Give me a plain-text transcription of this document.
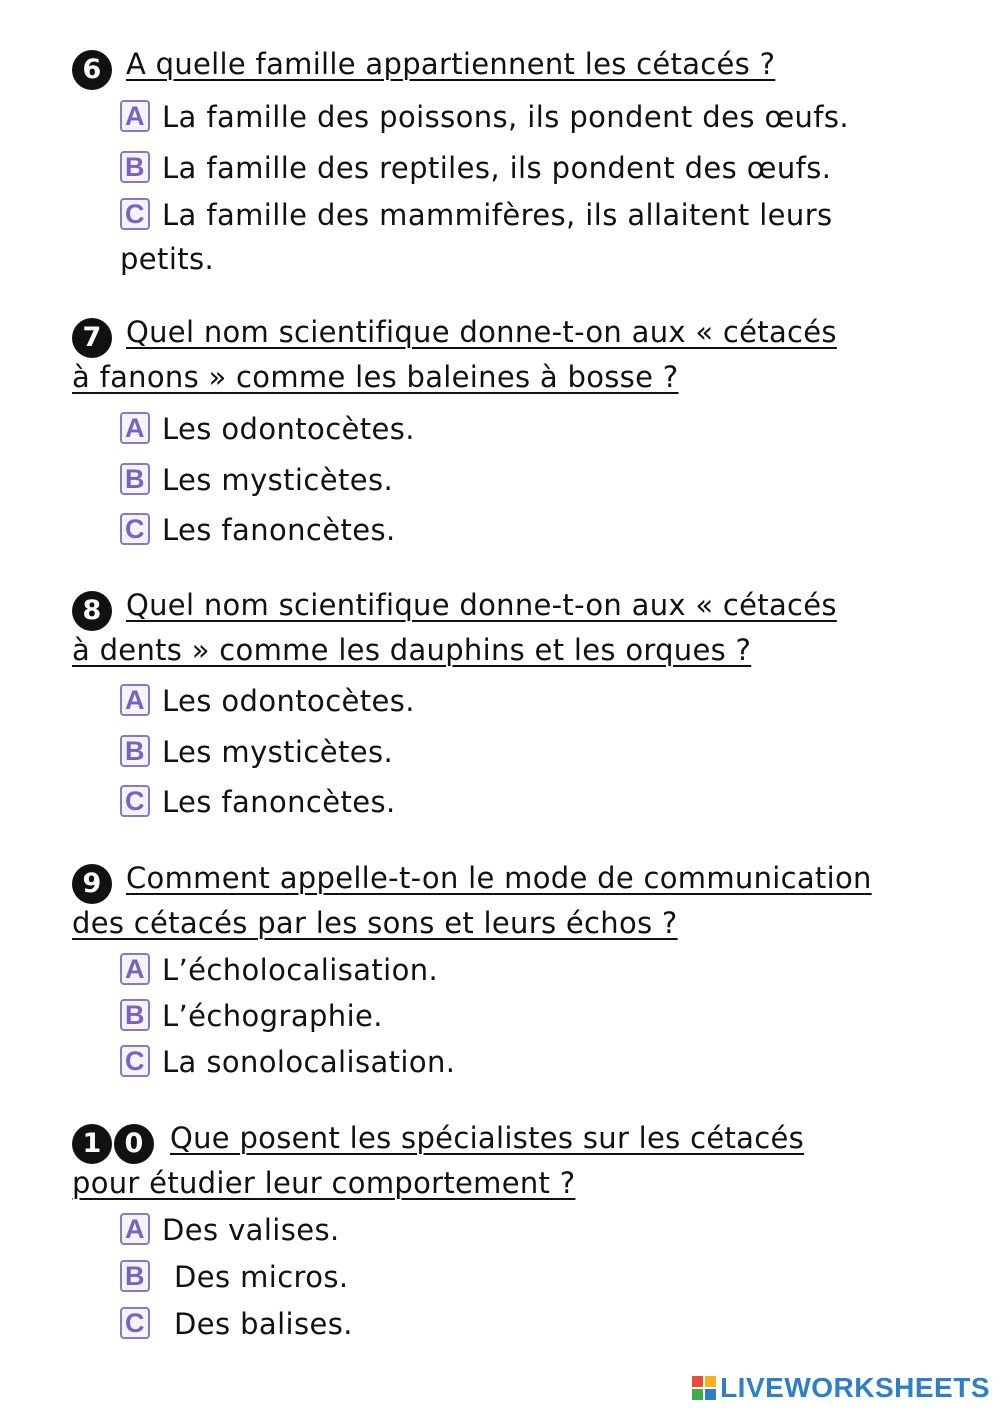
6 A quelle famille appartiennent les cétacés ?
A La famille des poissons, ils pondent des œufs.
B La famille des reptiles, ils pondent des œufs.
C La famille des mammifères, ils allaitent leurs
petits.
7 Quel nom scientifique donne-t-on aux « cétacés
à fanons » comme les baleines à bosse ?
A Les odontocètes.
B Les mysticètes.
C Les fanoncètes.
8 Quel nom scientifique donne-t-on aux « cétacés
à dents » comme les dauphins et les orques ?
A Les odontocètes.
B Les mysticètes.
C Les fanoncètes.
9 Comment appelle-t-on le mode de communication
des cétacés par les sons et leurs échos ?
A L’écholocalisation.
B L’échographie.
C La sonolocalisation.
1 0 Que posent les spécialistes sur les cétacés
pour étudier leur comportement ?
A Des valises.
B Des micros.
C Des balises.
LIVEWORKSHEETS
